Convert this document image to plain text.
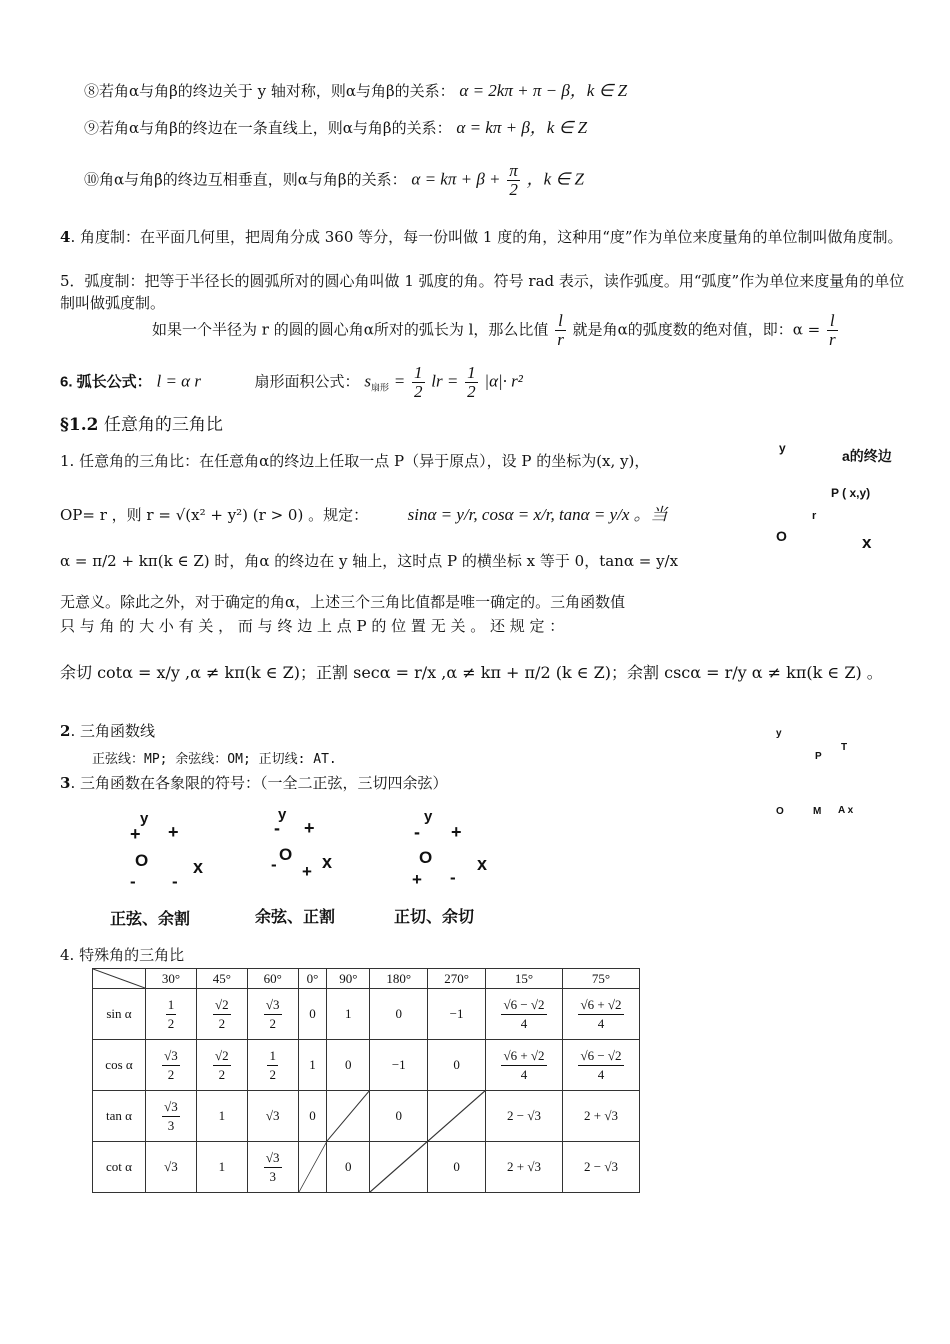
⑧若角α与角β的终边关于 y 轴对称，则α与角β的关系： α = 2kπ + π − β，k ∈ Z
⑨若角α与角β的终边在一条直线上，则α与角β的关系： α = kπ + β，k ∈ Z
⑩角α与角β的终边互相垂直，则α与角β的关系： $\alpha = k\pi + \beta + \frac{\pi}{2}$ ，k ∈ Z
4. 角度制：在平面几何里，把周角分成 360 等分，每一份叫做 1 度的角，这种用“度”作为单位来度量角的单位制叫做角度制。
5．弧度制：把等于半径长的圆弧所对的圆心角叫做 1 弧度的角。符号 rad 表示，读作弧度。用“弧度”作为单位来度量角的单位制叫做弧度制。
如果一个半径为 r 的圆的圆心角α所对的弧长为 l，那么比值 $\frac{l}{r}$ 就是角α的弧度数的绝对值，即：$\alpha = \frac{l}{r}$
6. 弧长公式： l = α r	扇形面积公式： $s_{扇形} = \frac{1}{2}$ lr = $\frac{1}{2} |\alpha|\cdot r^2$
§1.2 任意角的三角比
1. 任意角的三角比：在任意角α的终边上任取一点 P（异于原点），设 P 的坐标为(x, y)，
OP= r ，则 r = √(x² + y²) (r > 0) 。规定： sinα = y/r, cosα = x/r, tanα = y/x 。当
α = π/2 + kπ(k ∈ Z) 时，角α 的终边在 y 轴上，这时点 P 的横坐标 x 等于 0，tanα = y/x
无意义。除此之外，对于确定的角α，上述三个三角比值都是唯一确定的。三角函数值
只 与 角 的 大 小 有 关 ， 而 与 终 边 上 点 P 的 位 置 无 关 。 还 规 定 ：
余切 cotα = x/y ,α ≠ kπ(k ∈ Z)；正割 secα = r/x ,α ≠ kπ + π/2 (k ∈ Z)；余割 cscα = r/y α ≠ kπ(k ∈ Z) 。
y	a的终边
P ( x,y)
r
O	x
2. 三角函数线
正弦线：MP; 余弦线：OM; 正切线: AT.
y
P
T
O	M A x
3. 三角函数在各象限的符号：（一全二正弦，三切四余弦）
y
+ +
O x
- -
正弦、余割
y
- +
O
-	x
+
余弦、正割
y
- +
O x
+ -
正切、余切
4. 特殊角的三角比
	30°	45°	60°	0°	90°	180°	270°	15°	75°
sin α	$\frac{1}{2}$	$\frac{√2}{2}$	$\frac{√3}{2}$	0	1	0	−1	$\frac{√6 - √2}{4}$	$\frac{√6 + √2}{4}$

cos α	$\frac{√3}{2}$	$\frac{√2}{2}$	$\frac{1}{2}$	1	0	−1	0	$\frac{√6 + √2}{4}$	$\frac{√6 - √2}{4}$

tan α	$\frac{√3}{3}$	1	√3	0		0		2 − √3	2 + √3
cot α	√3	1	$\frac{√3}{3}$		0		0	2 + √3	2 − √3
